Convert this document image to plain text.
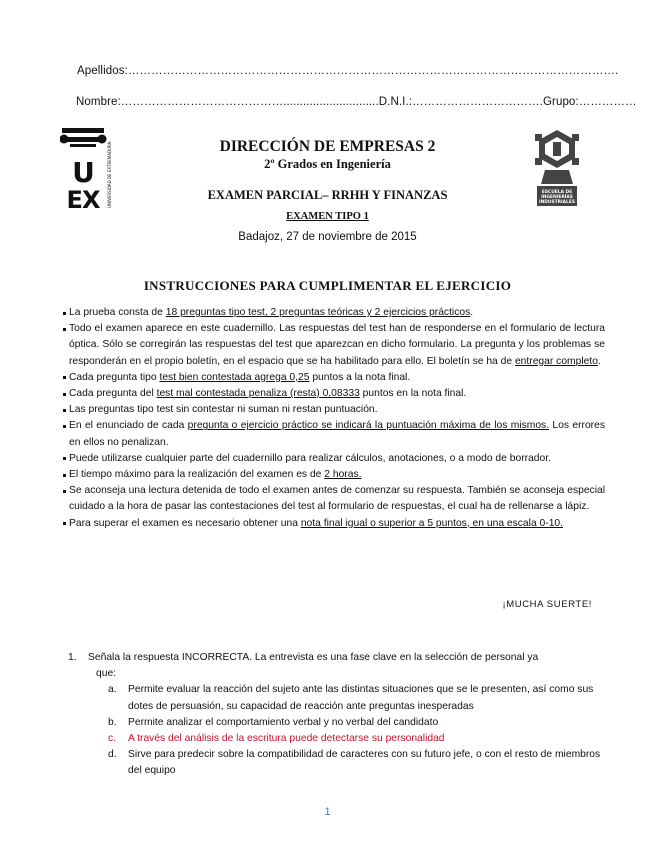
Apellidos:……………………………………………………………………………………………………………….
Nombre:…………………………………….............................D.N.I.:…………………………….Grupo:……………
U
EX	UNIVERSIDAD DE EXTREMADURA	ESCUELA DE
INGENIERÍAS
INDUSTRIALES
DIRECCIÓN DE EMPRESAS 2
2º Grados en Ingeniería
EXAMEN PARCIAL– RRHH Y FINANZAS
EXAMEN TIPO 1
Badajoz, 27 de noviembre de 2015
INSTRUCCIONES PARA CUMPLIMENTAR EL EJERCICIO
La prueba consta de 18 preguntas tipo test, 2 preguntas teóricas y 2 ejercicios prácticos.
Todo el examen aparece en este cuadernillo. Las respuestas del test han de responderse en el formulario de lectura óptica. Sólo se corregirán las respuestas del test que aparezcan en dicho formulario. La pregunta y los problemas se responderán en el propio boletín, en el espacio que se ha habilitado para ello. El boletín se ha de entregar completo.
Cada pregunta tipo test bien contestada agrega 0,25 puntos a la nota final.
Cada pregunta del test mal contestada penaliza (resta) 0,08333 puntos en la nota final.
Las preguntas tipo test sin contestar ni suman ni restan puntuación.
En el enunciado de cada pregunta o ejercicio práctico se indicará la puntuación máxima de los mismos. Los errores en ellos no penalizan.
Puede utilizarse cualquier parte del cuadernillo para realizar cálculos, anotaciones, o a modo de borrador.
El tiempo máximo para la realización del examen es de 2 horas.
Se aconseja una lectura detenida de todo el examen antes de comenzar su respuesta. También se aconseja especial cuidado a la hora de pasar las contestaciones del test al formulario de respuestas, el cual ha de rellenarse a lápiz.
Para superar el examen es necesario obtener una nota final igual o superior a 5 puntos, en una escala 0-10.
¡MUCHA SUERTE!
1.	Señala la respuesta INCORRECTA. La entrevista es una fase clave en la selección de personal ya
que:
a.	Permite evaluar la reacción del sujeto ante las distintas situaciones que se le presenten, así como sus dotes de persuasión, su capacidad de reacción ante preguntas inesperadas
b.	Permite analizar el comportamiento verbal y no verbal del candidato
c.	A través del análisis de la escritura puede detectarse su personalidad
d.	Sirve para predecir sobre la compatibilidad de caracteres con su futuro jefe, o con el resto de miembros del equipo
1
